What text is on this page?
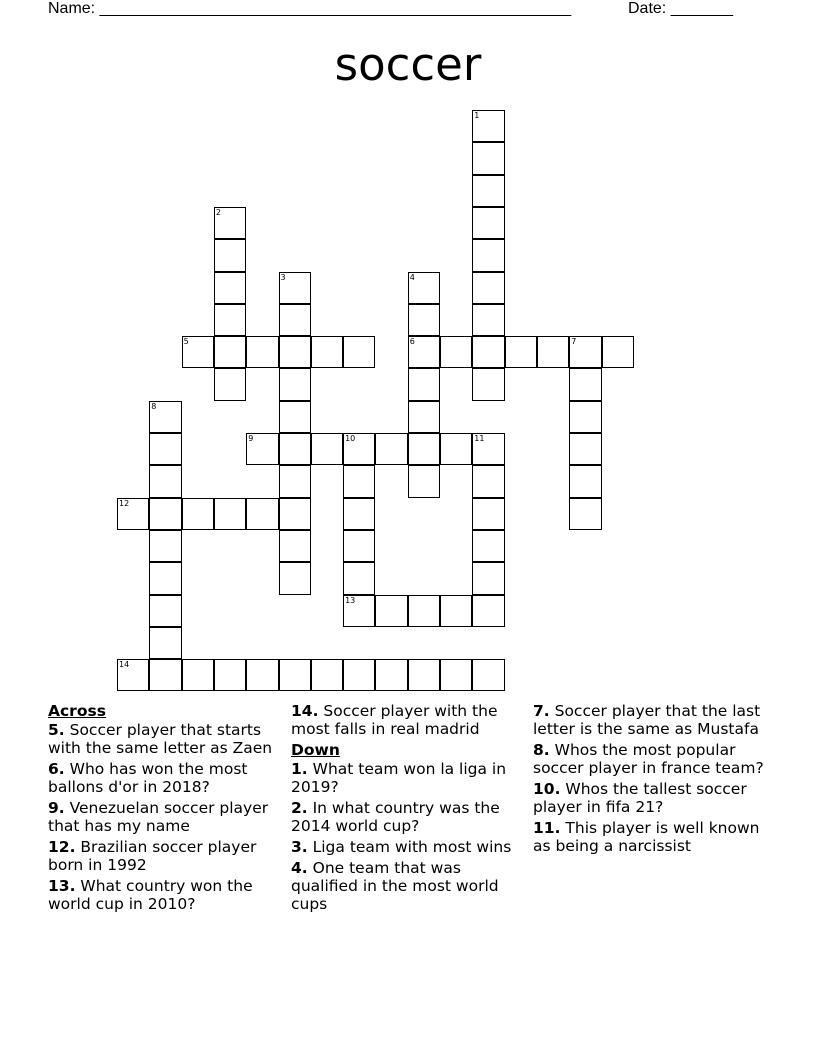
Name: _____________________________________________________	Date: _______
soccer
1
2
3	4
6
5	7
8
9	10	11
13
12
14
Across
5. Soccer player that starts with the same letter as Zaen
6. Who has won the most ballons d'or in 2018?
9. Venezuelan soccer player that has my name
12. Brazilian soccer player born in 1992
13. What country won the world cup in 2010?
14. Soccer player with the most falls in real madrid
Down
1. What team won la liga in 2019?
2. In what country was the 2014 world cup?
3. Liga team with most wins
4. One team that was qualified in the most world cups
7. Soccer player that the last letter is the same as Mustafa
8. Whos the most popular soccer player in france team?
10. Whos the tallest soccer player in fifa 21?
11. This player is well known as being a narcissist
